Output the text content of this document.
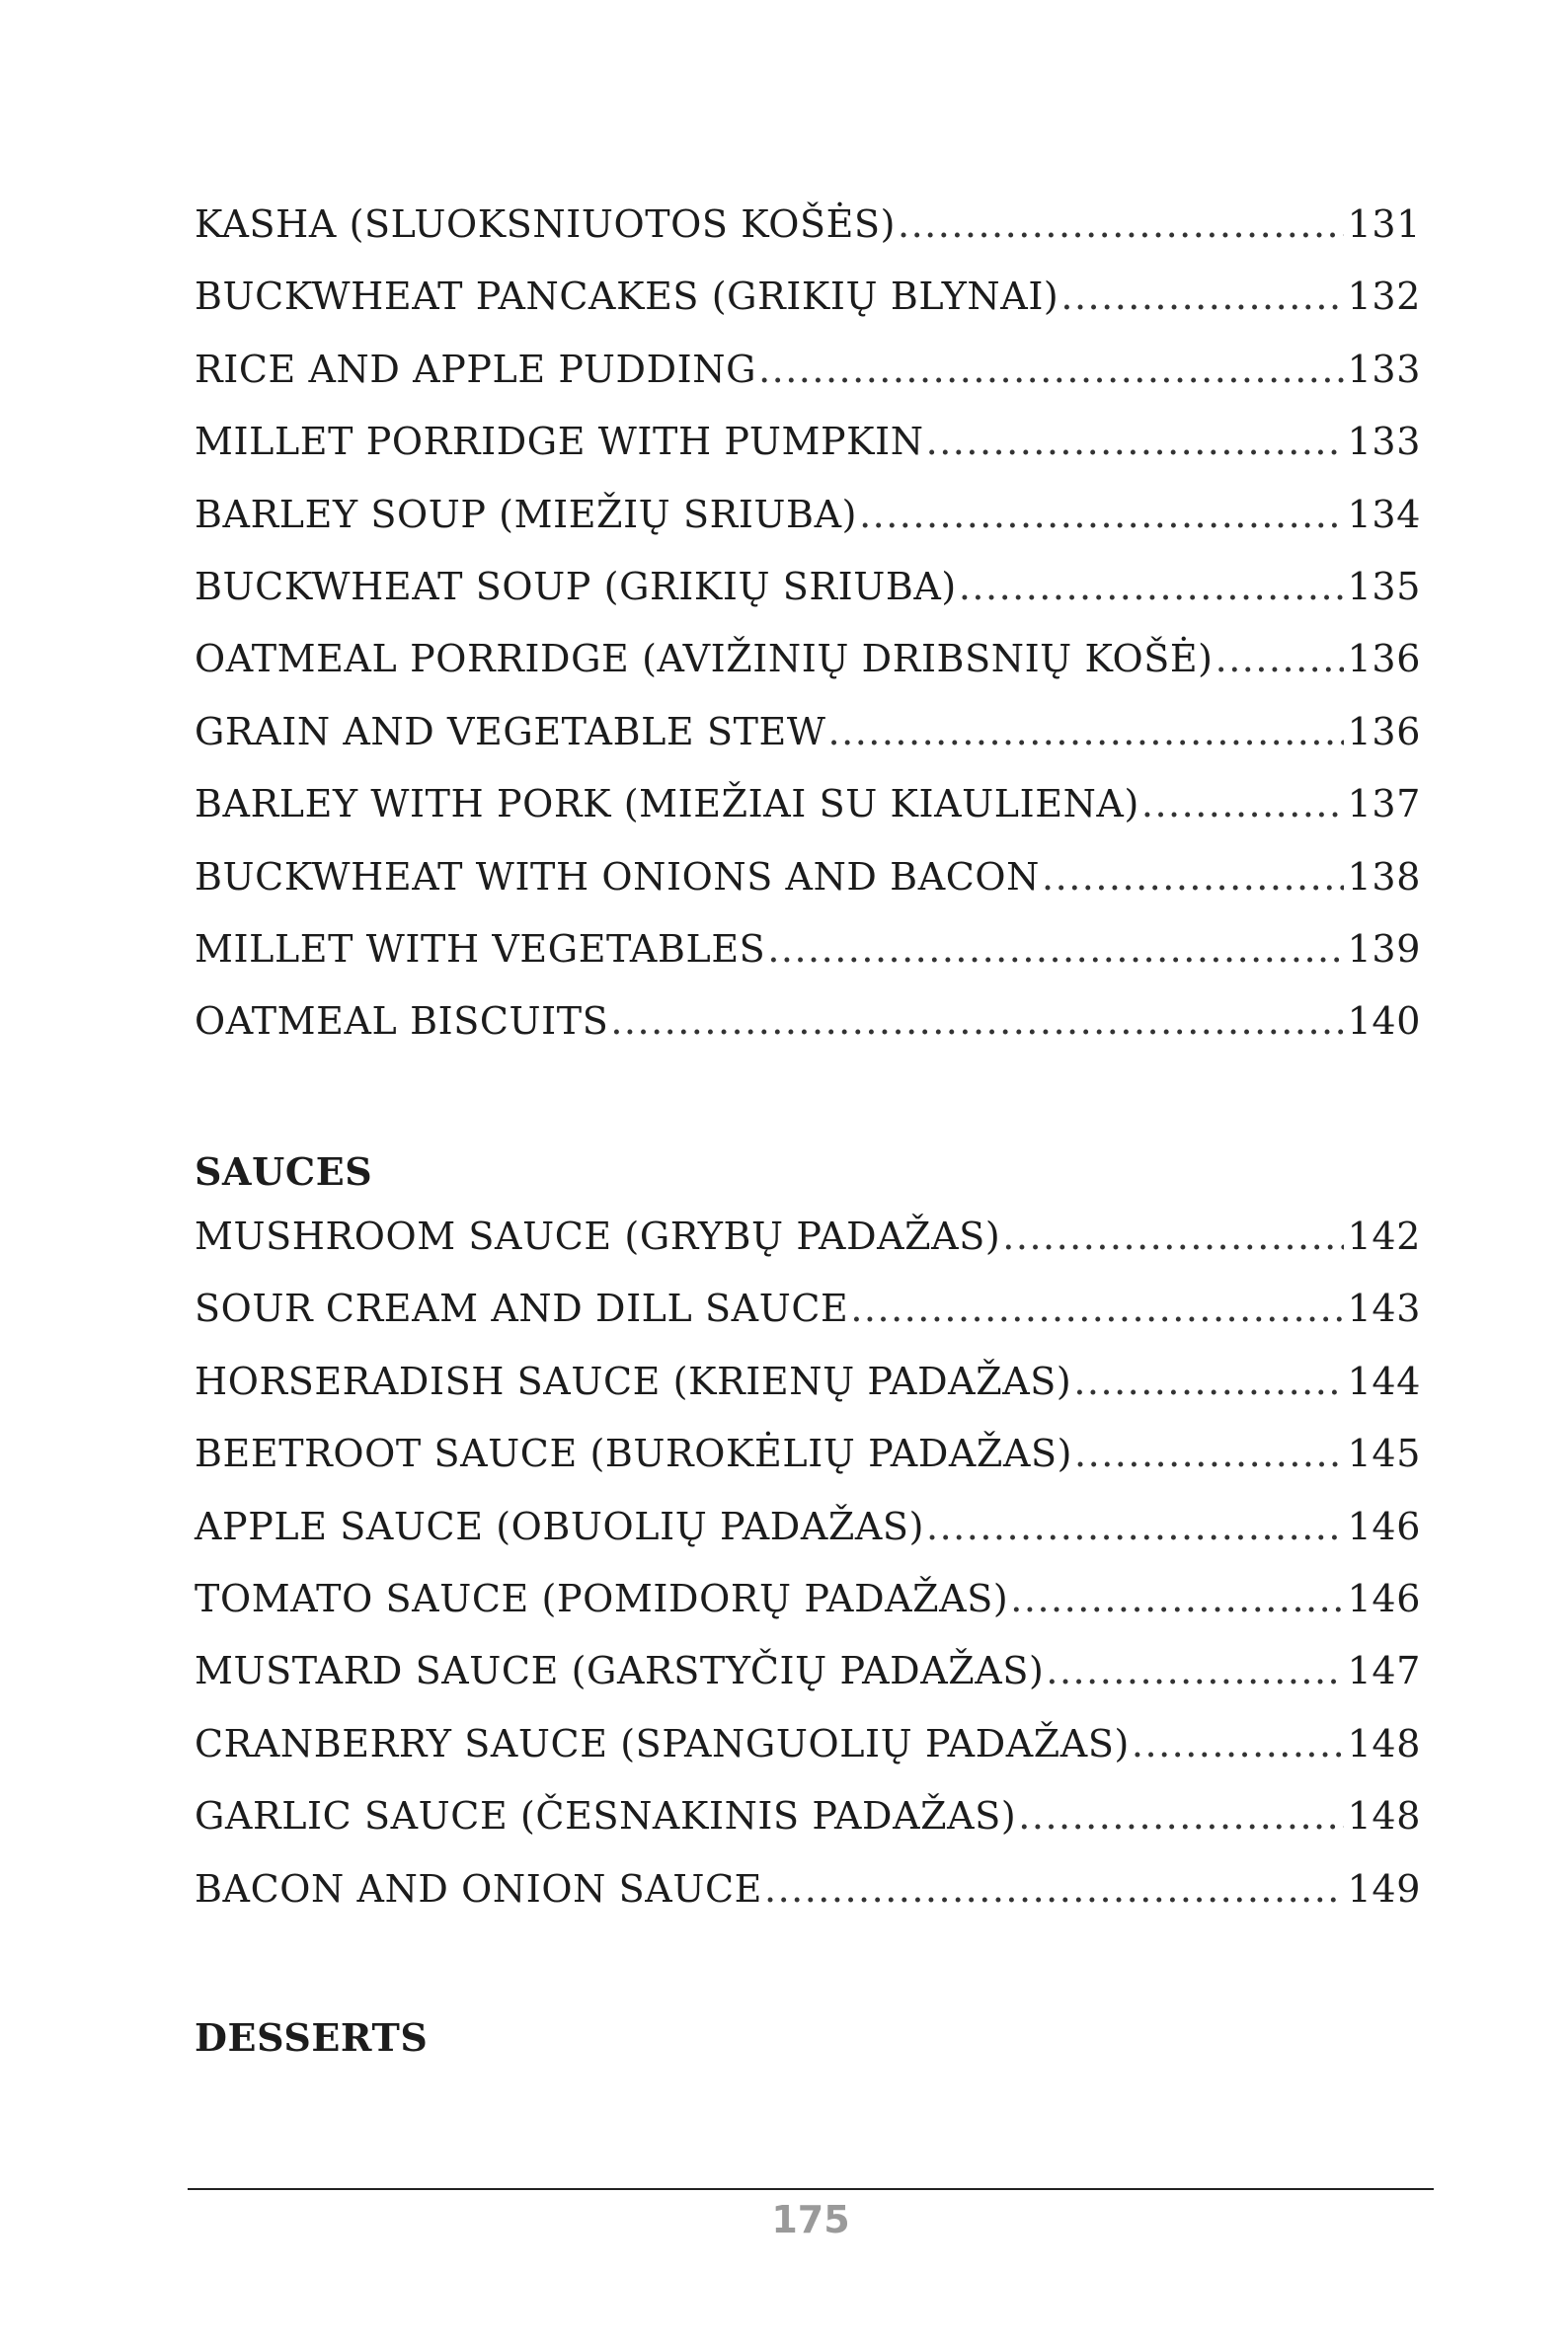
KASHA (SLUOKSNIUOTOS KOŠĖS) .....	131
BUCKWHEAT PANCAKES (GRIKIŲ BLYNAI) .....	132
RICE AND APPLE PUDDING .....	133
MILLET PORRIDGE WITH PUMPKIN .....	133
BARLEY SOUP (MIEŽIŲ SRIUBA) .....	134
BUCKWHEAT SOUP (GRIKIŲ SRIUBA) .....	135
OATMEAL PORRIDGE (AVIŽINIŲ DRIBSNIŲ KOŠĖ) .....	136
GRAIN AND VEGETABLE STEW .....	136
BARLEY WITH PORK (MIEŽIAI SU KIAULIENA) .....	137
BUCKWHEAT WITH ONIONS AND BACON .....	138
MILLET WITH VEGETABLES .....	139
OATMEAL BISCUITS .....	140
SAUCES
MUSHROOM SAUCE (GRYBŲ PADAŽAS) .....	142
SOUR CREAM AND DILL SAUCE .....	143
HORSERADISH SAUCE (KRIENŲ PADAŽAS) .....	144
BEETROOT SAUCE (BUROKĖLIŲ PADAŽAS) .....	145
APPLE SAUCE (OBUOLIŲ PADAŽAS) .....	146
TOMATO SAUCE (POMIDORŲ PADAŽAS) .....	146
MUSTARD SAUCE (GARSTYČIŲ PADAŽAS) .....	147
CRANBERRY SAUCE (SPANGUOLIŲ PADAŽAS) .....	148
GARLIC SAUCE (ČESNAKINIS PADAŽAS) .....	148
BACON AND ONION SAUCE .....	149
DESSERTS
175
